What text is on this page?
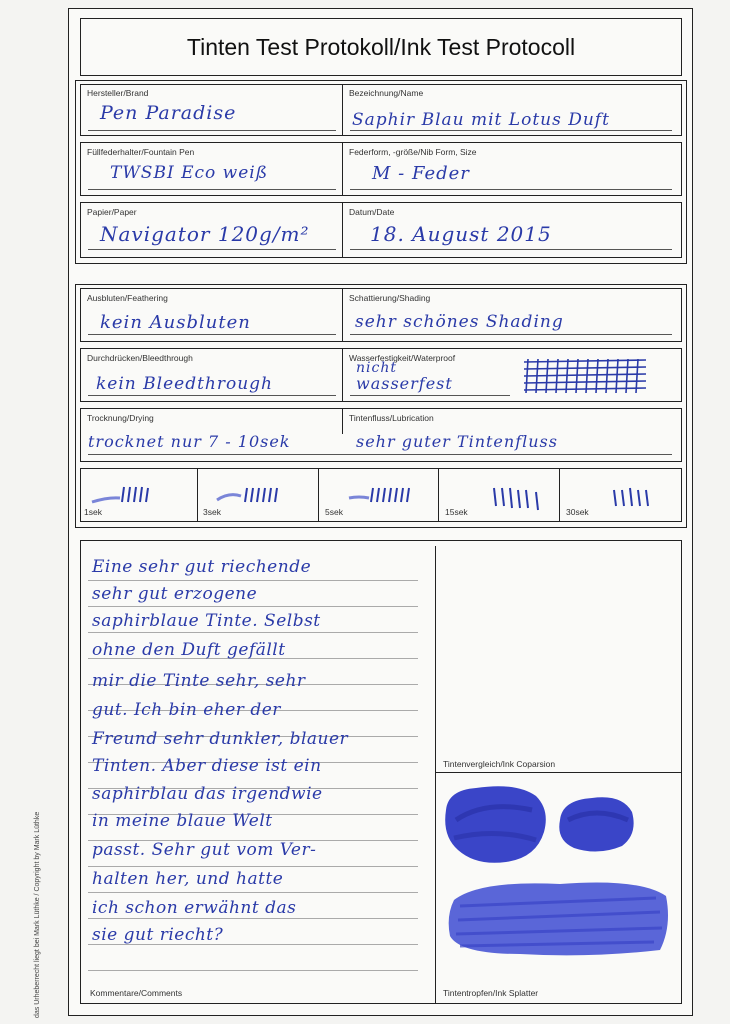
Tinten Test Protokoll/Ink Test Protocoll
Hersteller/Brand
Pen Paradise
Bezeichnung/Name
Saphir Blau mit Lotus Duft
Füllfederhalter/Fountain Pen
TWSBI Eco weiß
Federform, -größe/Nib Form, Size
M - Feder
Papier/Paper
Navigator 120g/m²
Datum/Date
18. August 2015
Ausbluten/Feathering
kein Ausbluten
Schattierung/Shading
sehr schönes Shading
Durchdrücken/Bleedthrough
kein Bleedthrough
Wasserfestigkeit/Waterproof
nicht
wasserfest
Trocknung/Drying
trocknet nur 7 - 10sek
Tintenfluss/Lubrication
sehr guter Tintenfluss
1sek	3sek	5sek	15sek	30sek
Eine sehr gut riechende
sehr gut erzogene
saphirblaue Tinte. Selbst
ohne den Duft gefällt
mir die Tinte sehr, sehr
gut. Ich bin eher der
Freund sehr dunkler, blauer
Tinten. Aber diese ist ein
saphirblau das irgendwie
in meine blaue Welt
passt. Sehr gut vom Ver-
halten her, und hatte
ich schon erwähnt das
sie gut riecht?
Kommentare/Comments
Tintenvergleich/Ink Coparsion
Tintentropfen/Ink Splatter
das Urheberrecht liegt bei Mark Lüthke / Copyright by Mark Lüthke
